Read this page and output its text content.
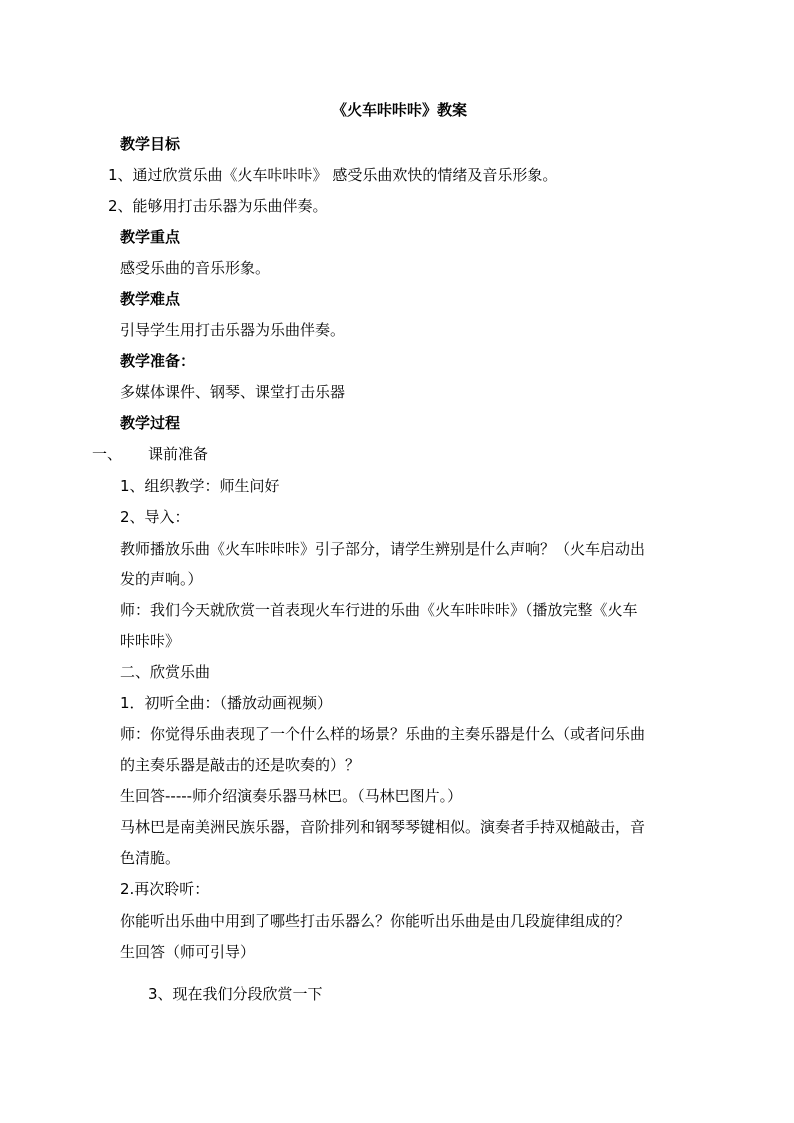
《火车咔咔咔》教案
教学目标
1、通过欣赏乐曲《火车咔咔咔》 感受乐曲欢快的情绪及音乐形象。
2、能够用打击乐器为乐曲伴奏。
教学重点
感受乐曲的音乐形象。
教学难点
引导学生用打击乐器为乐曲伴奏。
教学准备：
多媒体课件、钢琴、课堂打击乐器
教学过程
一、 课前准备
1、组织教学：师生问好
2、导入：
教师播放乐曲《火车咔咔咔》引子部分，请学生辨别是什么声响？（火车启动出
发的声响。）
师：我们今天就欣赏一首表现火车行进的乐曲《火车咔咔咔》（播放完整《火车
咔咔咔》
二、欣赏乐曲
1．初听全曲：（播放动画视频）
师：你觉得乐曲表现了一个什么样的场景？乐曲的主奏乐器是什么（或者问乐曲
的主奏乐器是敲击的还是吹奏的）？
生回答-----师介绍演奏乐器马林巴。（马林巴图片。）
马林巴是南美洲民族乐器，音阶排列和钢琴琴键相似。演奏者手持双槌敲击，音
色清脆。
2.再次聆听：
你能听出乐曲中用到了哪些打击乐器么？你能听出乐曲是由几段旋律组成的？
生回答（师可引导）
3、现在我们分段欣赏一下
